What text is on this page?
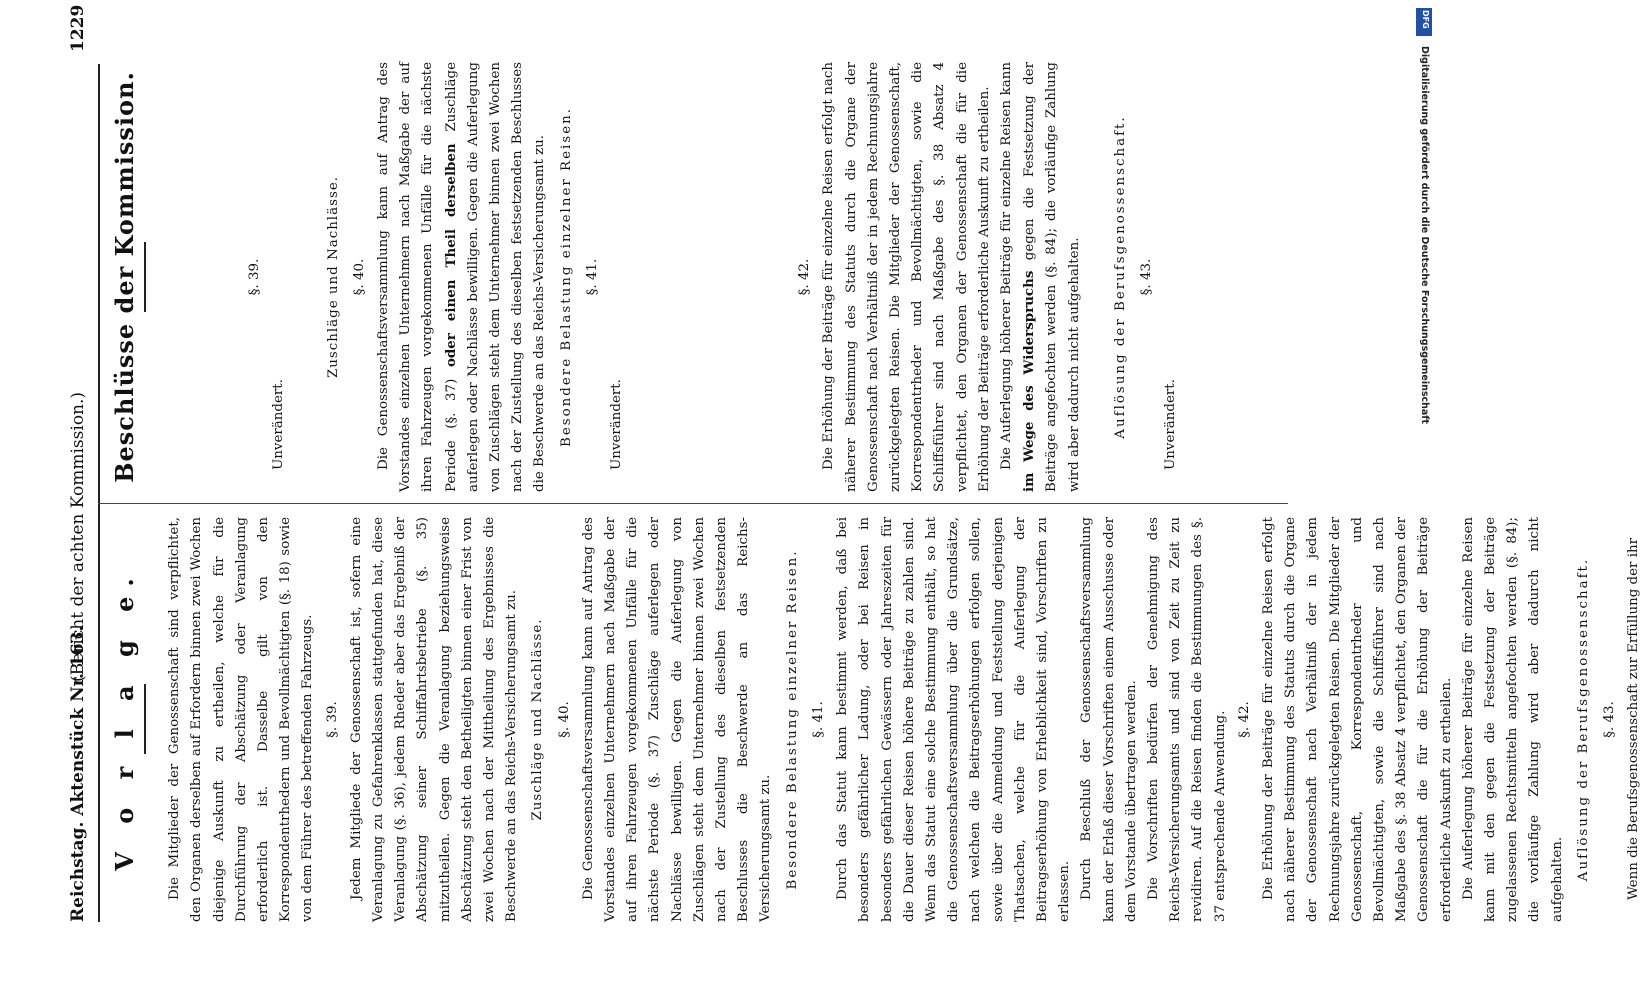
Reichstag. Aktenstück Nr. 163.
(Bericht der achten Kommission.)
1229
V o r l a g e. Die Mitglieder der Genossenschaft sind verpflichtet, den Organen derselben auf Erfordern binnen zwei Wochen diejenige Auskunft zu ertheilen, welche für die Durchführung der Abschätzung oder Veranlagung erforderlich ist. Dasselbe gilt von den Korrespondentrhedern und Bevollmächtigten (§. 18) sowie von dem Führer des betreffenden Fahrzeugs. §. 39. Jedem Mitgliede der Genossenschaft ist, sofern eine Veranlagung zu Gefahrenklassen stattgefunden hat, diese Veranlagung (§. 36), jedem Rheder aber das Ergebniß der Abschätzung seiner Schiffahrtsbetriebe (§. 35) mitzutheilen. Gegen die Veranlagung beziehungsweise Abschätzung steht den Betheiligten binnen einer Frist von zwei Wochen nach der Mittheilung des Ergebnisses die Beschwerde an das Reichs-Versicherungsamt zu. Zuschläge und Nachlässe. §. 40. Die Genossenschaftsversammlung kann auf Antrag des Vorstandes einzelnen Unternehmern nach Maßgabe der auf ihren Fahrzeugen vorgekommenen Unfälle für die nächste Periode (§. 37) Zuschläge auferlegen oder Nachlässe bewilligen. Gegen die Auferlegung von Zuschlägen steht dem Unternehmer binnen zwei Wochen nach der Zustellung des dieselben festsetzenden Beschlusses die Beschwerde an das Reichs-Versicherungsamt zu. Besondere Belastung einzelner Reisen. §. 41. Durch das Statut kann bestimmt werden, daß bei besonders gefährlicher Ladung, oder bei Reisen in besonders gefährlichen Gewässern oder Jahreszeiten für die Dauer dieser Reisen höhere Beiträge zu zahlen sind. Wenn das Statut eine solche Bestimmung enthält, so hat die Genossenschaftsversammlung über die Grundsätze, nach welchen die Beitragserhöhungen erfolgen sollen, sowie über die Anmeldung und Feststellung derjenigen Thatsachen, welche für die Auferlegung der Beitragserhöhung von Erheblichkeit sind, Vorschriften zu erlassen. Durch Beschluß der Genossenschaftsversammlung kann der Erlaß dieser Vorschriften einem Ausschusse oder dem Vorstande übertragen werden. Die Vorschriften bedürfen der Genehmigung des Reichs-Versicherungsamts und sind von Zeit zu Zeit zu revidiren. Auf die Reisen finden die Bestimmungen des §. 37 entsprechende Anwendung. §. 42. Die Erhöhung der Beiträge für einzelne Reisen erfolgt nach näherer Bestimmung des Statuts durch die Organe der Genossenschaft nach Verhältniß der in jedem Rechnungsjahre zurückgelegten Reisen. Die Mitglieder der Genossenschaft, Korrespondentrheder und Bevollmächtigten, sowie die Schiffsführer sind nach Maßgabe des §. 38 Absatz 4 verpflichtet, den Organen der Genossenschaft die für die Erhöhung der Beiträge erforderliche Auskunft zu ertheilen. Die Auferlegung höherer Beiträge für einzelne Reisen kann mit den gegen die Festsetzung der Beiträge zugelassenen Rechtsmitteln angefochten werden (§. 84); die vorläufige Zahlung wird aber dadurch nicht aufgehalten. Auflösung der Berufsgenossenschaft. §. 43. Wenn die Berufsgenossenschaft zur Erfüllung der ihr

Beschlüsse der Kommission.	§. 39.
Unverändert.
Zuschläge und Nachlässe. §. 40. Die Genossenschaftsversammlung kann auf Antrag des Vorstandes einzelnen Unternehmern nach Maßgabe der auf ihren Fahrzeugen vorgekommenen Unfälle für die nächste Periode (§. 37) oder einen Theil derselben Zuschläge auferlegen oder Nachlässe bewilligen. Gegen die Auferlegung von Zuschlägen steht dem Unternehmer binnen zwei Wochen nach der Zustellung des dieselben festsetzenden Beschlusses die Beschwerde an das Reichs-Versicherungsamt zu. Besondere Belastung einzelner Reisen. §. 41.
Unverändert.
§. 42. Die Erhöhung der Beiträge für einzelne Reisen erfolgt nach näherer Bestimmung des Statuts durch die Organe der Genossenschaft nach Verhältniß der in jedem Rechnungsjahre zurückgelegten Reisen. Die Mitglieder der Genossenschaft, Korrespondentrheder und Bevollmächtigten, sowie die Schiffsführer sind nach Maßgabe des §. 38 Absatz 4 verpflichtet, den Organen der Genossenschaft die für die Erhöhung der Beiträge erforderliche Auskunft zu ertheilen. Die Auferlegung höherer Beiträge für einzelne Reisen kann im Wege des Widerspruchs gegen die Festsetzung der Beiträge angefochten werden (§. 84); die vorläufige Zahlung wird aber dadurch nicht aufgehalten.	Auflösung der Berufsgenossenschaft. §. 43.
Unverändert.
DFG
Digitalisierung gefördert durch die Deutsche Forschungsgemeinschaft
